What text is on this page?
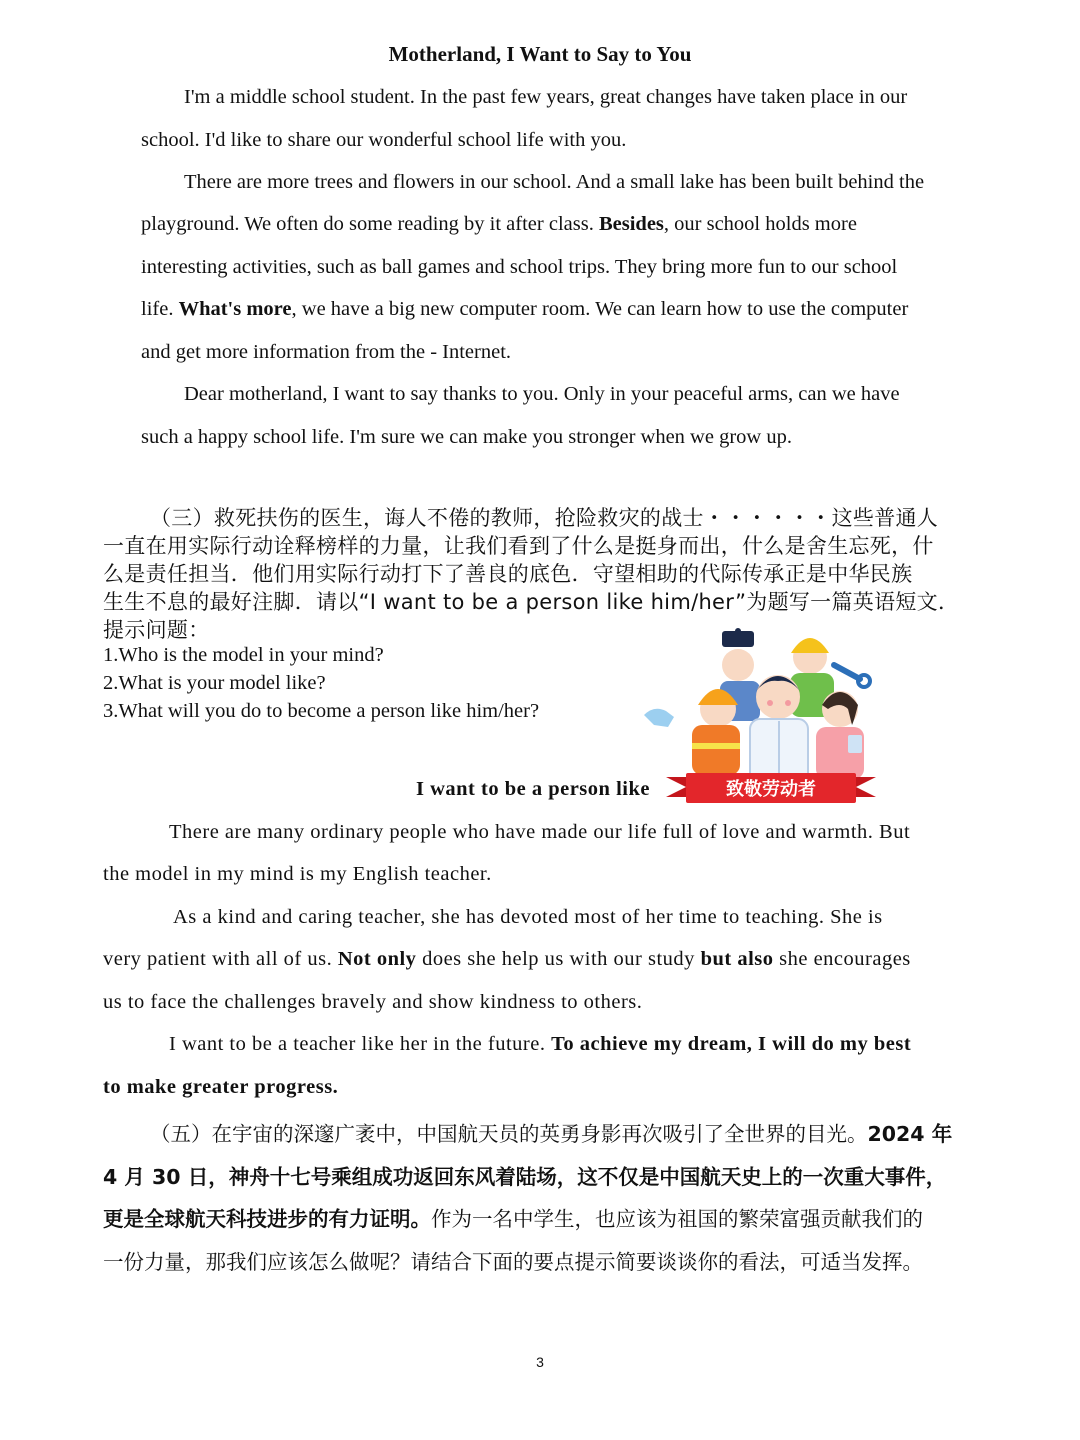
Motherland, I Want to Say to You

I'm a middle school student. In the past few years, great changes have taken place in our

school. I'd like to share our wonderful school life with you.

There are more trees and flowers in our school. And a small lake has been built behind the

playground. We often do some reading by it after class. Besides, our school holds more

interesting activities, such as ball games and school trips. They bring more fun to our school

life. What's more, we have a big new computer room. We can learn how to use the computer

and get more information from the - Internet.

Dear motherland, I want to say thanks to you. Only in your peaceful arms, can we have

such a happy school life. I'm sure we can make you stronger when we grow up.

（三）救死扶伤的医生，诲人不倦的教师，抢险救灾的战士・・・・・・这些普通人
一直在用实际行动诠释榜样的力量，让我们看到了什么是挺身而出，什么是舍生忘死，什
么是责任担当．他们用实际行动打下了善良的底色．守望相助的代际传承正是中华民族
生生不息的最好注脚．请以“I want to be a person like him/her”为题写一篇英语短文．
提示问题：
1.Who is the model in your mind?
2.What is your model like?
3.What will you do to become a person like him/her?
致敬劳动者
I want to be a person like

There are many ordinary people who have made our life full of love and warmth. But

the model in my mind is my English teacher.

As a kind and caring teacher, she has devoted most of her time to teaching. She is

very patient with all of us. Not only does she help us with our study but also she encourages

us to face the challenges bravely and show kindness to others.

I want to be a teacher like her in the future. To achieve my dream, I will do my best

to make greater progress.

（五）在宇宙的深邃广袤中，中国航天员的英勇身影再次吸引了全世界的目光。2024 年
4 月 30 日，神舟十七号乘组成功返回东风着陆场，这不仅是中国航天史上的一次重大事件，
更是全球航天科技进步的有力证明。作为一名中学生，也应该为祖国的繁荣富强贡献我们的
一份力量，那我们应该怎么做呢？请结合下面的要点提示简要谈谈你的看法，可适当发挥。
3
